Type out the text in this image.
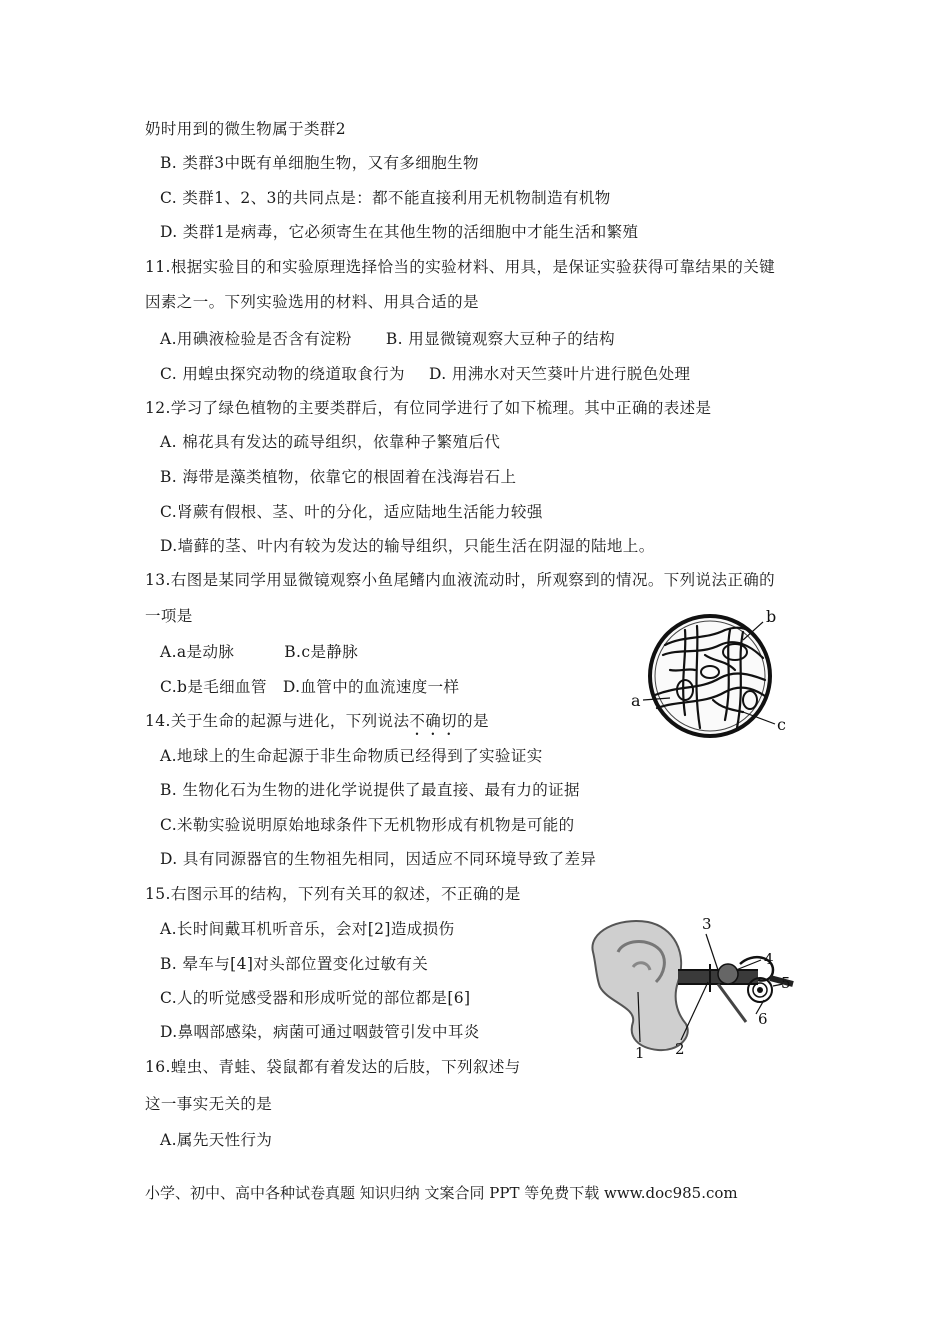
奶时用到的微生物属于类群2
B. 类群3中既有单细胞生物，又有多细胞生物
C. 类群1、2、3的共同点是：都不能直接利用无机物制造有机物
D. 类群1是病毒，它必须寄生在其他生物的活细胞中才能生活和繁殖
11.根据实验目的和实验原理选择恰当的实验材料、用具，是保证实验获得可靠结果的关键
因素之一。下列实验选用的材料、用具合适的是
A.用碘液检验是否含有淀粉 B. 用显微镜观察大豆种子的结构
C. 用蝗虫探究动物的绕道取食行为 D. 用沸水对天竺葵叶片进行脱色处理
12.学习了绿色植物的主要类群后，有位同学进行了如下梳理。其中正确的表述是
A. 棉花具有发达的疏导组织，依靠种子繁殖后代
B. 海带是藻类植物，依靠它的根固着在浅海岩石上
C.肾蕨有假根、茎、叶的分化，适应陆地生活能力较强
D.墙藓的茎、叶内有较为发达的输导组织，只能生活在阴湿的陆地上。
13.右图是某同学用显微镜观察小鱼尾鳍内血液流动时，所观察到的情况。下列说法正确的
一项是
A.a是动脉	B.c是静脉
C.b是毛细血管 D.血管中的血流速度一样
14.关于生命的起源与进化，下列说法不确切的是
A.地球上的生命起源于非生命物质已经得到了实验证实
B. 生物化石为生物的进化学说提供了最直接、最有力的证据
C.米勒实验说明原始地球条件下无机物形成有机物是可能的
D. 具有同源器官的生物祖先相同，因适应不同环境导致了差异
15.右图示耳的结构，下列有关耳的叙述，不正确的是
A.长时间戴耳机听音乐，会对[2]造成损伤
B. 晕车与[4]对头部位置变化过敏有关
C.人的听觉感受器和形成听觉的部位都是[6]
D.鼻咽部感染，病菌可通过咽鼓管引发中耳炎
16.蝗虫、青蛙、袋鼠都有着发达的后肢，下列叙述与
这一事实无关的是
A.属先天性行为
b
a
c
3
4
5
6
1 2
小学、初中、高中各种试卷真题 知识归纳 文案合同 PPT 等免费下载 www.doc985.com
